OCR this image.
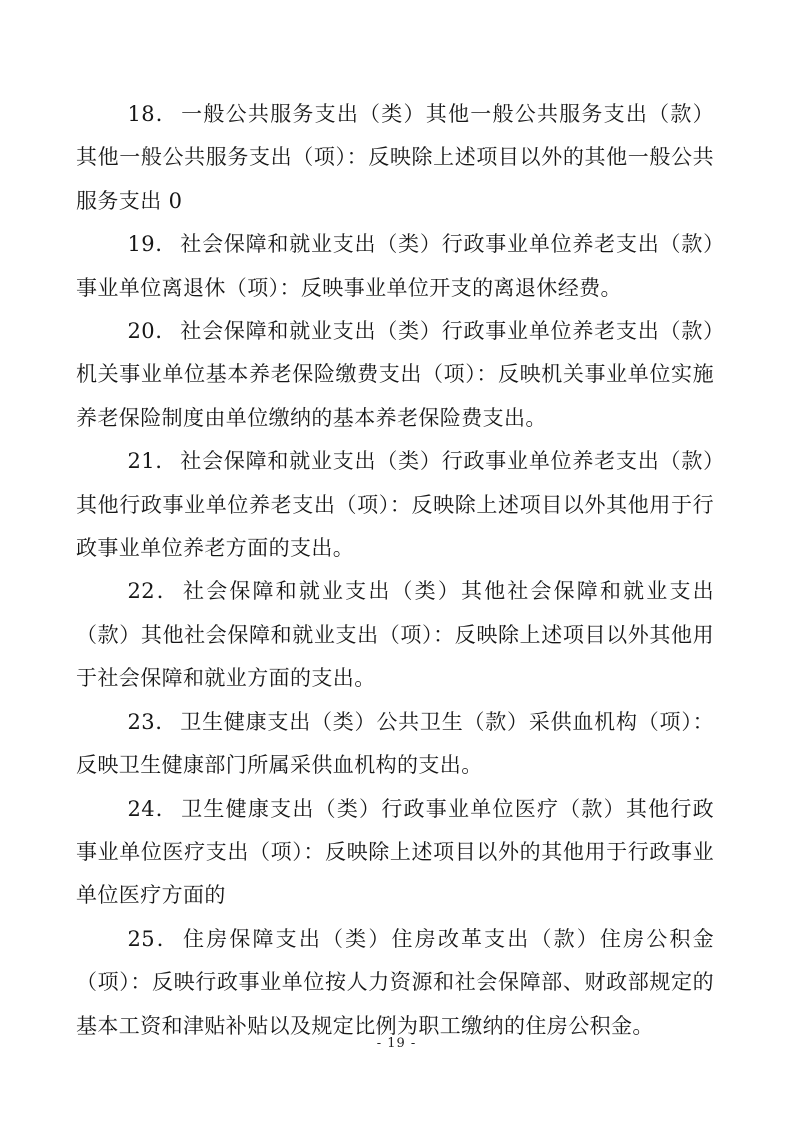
18． 一般公共服务支出（类）其他一般公共服务支出（款）其他一般公共服务支出（项）：反映除上述项目以外的其他一般公共服务支出 0

19． 社会保障和就业支出（类）行政事业单位养老支出（款）事业单位离退休（项）：反映事业单位开支的离退休经费。

20． 社会保障和就业支出（类）行政事业单位养老支出（款）机关事业单位基本养老保险缴费支出（项）：反映机关事业单位实施养老保险制度由单位缴纳的基本养老保险费支出。

21． 社会保障和就业支出（类）行政事业单位养老支出（款）其他行政事业单位养老支出（项）：反映除上述项目以外其他用于行政事业单位养老方面的支出。

22． 社会保障和就业支出（类）其他社会保障和就业支出（款）其他社会保障和就业支出（项）：反映除上述项目以外其他用于社会保障和就业方面的支出。

23． 卫生健康支出（类）公共卫生（款）采供血机构（项）：反映卫生健康部门所属采供血机构的支出。

24． 卫生健康支出（类）行政事业单位医疗（款）其他行政事业单位医疗支出（项）：反映除上述项目以外的其他用于行政事业单位医疗方面的

25． 住房保障支出（类）住房改革支出（款）住房公积金（项）：反映行政事业单位按人力资源和社会保障部、财政部规定的　基本工资和津贴补贴以及规定比例为职工缴纳的住房公积金。

- 19 -
